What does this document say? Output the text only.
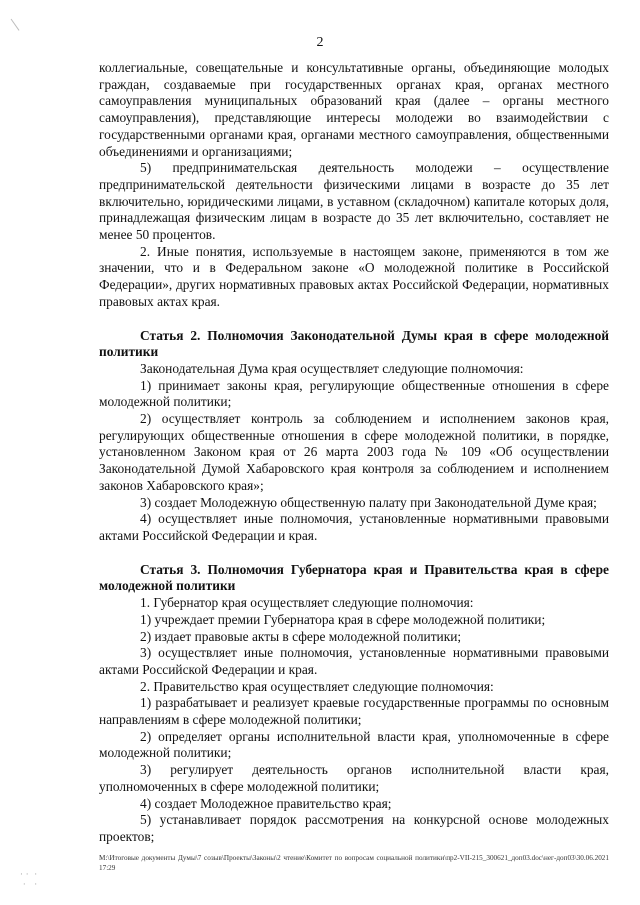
2

коллегиальные, совещательные и консультативные органы, объединяющие молодых граждан, создаваемые при государственных органах края, органах местного самоуправления муниципальных образований края (далее – органы местного самоуправления), представляющие интересы молодежи во взаимодействии с государственными органами края, органами местного самоуправления, общественными объединениями и организациями;

5) предпринимательская деятельность молодежи – осуществление предпринимательской деятельности физическими лицами в возрасте до 35 лет включительно, юридическими лицами, в уставном (складочном) капитале которых доля, принадлежащая физическим лицам в возрасте до 35 лет включительно, составляет не менее 50 процентов.

2. Иные понятия, используемые в настоящем законе, применяются в том же значении, что и в Федеральном законе «О молодежной политике в Российской Федерации», других нормативных правовых актах Российской Федерации, нормативных правовых актах края.

Статья 2. Полномочия Законодательной Думы края в сфере молодежной политики

Законодательная Дума края осуществляет следующие полномочия:

1) принимает законы края, регулирующие общественные отношения в сфере молодежной политики;

2) осуществляет контроль за соблюдением и исполнением законов края, регулирующих общественные отношения в сфере молодежной политики, в порядке, установленном Законом края от 26 марта 2003 года № 109 «Об осуществлении Законодательной Думой Хабаровского края контроля за соблюдением и исполнением законов Хабаровского края»;

3) создает Молодежную общественную палату при Законодательной Думе края;

4) осуществляет иные полномочия, установленные нормативными правовыми актами Российской Федерации и края.

Статья 3. Полномочия Губернатора края и Правительства края в сфере молодежной политики

1. Губернатор края осуществляет следующие полномочия:

1) учреждает премии Губернатора края в сфере молодежной политики;

2) издает правовые акты в сфере молодежной политики;

3) осуществляет иные полномочия, установленные нормативными правовыми актами Российской Федерации и края.

2. Правительство края осуществляет следующие полномочия:

1) разрабатывает и реализует краевые государственные программы по основным направлениям в сфере молодежной политики;

2) определяет органы исполнительной власти края, уполномоченные в сфере молодежной политики;

3) регулирует деятельность органов исполнительной власти края, уполномоченных в сфере молодежной политики;

4) создает Молодежное правительство края;

5) устанавливает порядок рассмотрения на конкурсной основе молодежных проектов;

М:\Итоговые документы Думы\7 созыв\Проекты\Законы\2 чтение\Комитет по вопросам социальной политики\пр2-VII-215_300621_доп03.doc\нег-доп03\30.06.2021 17:29
· ·  ·
·   ·
